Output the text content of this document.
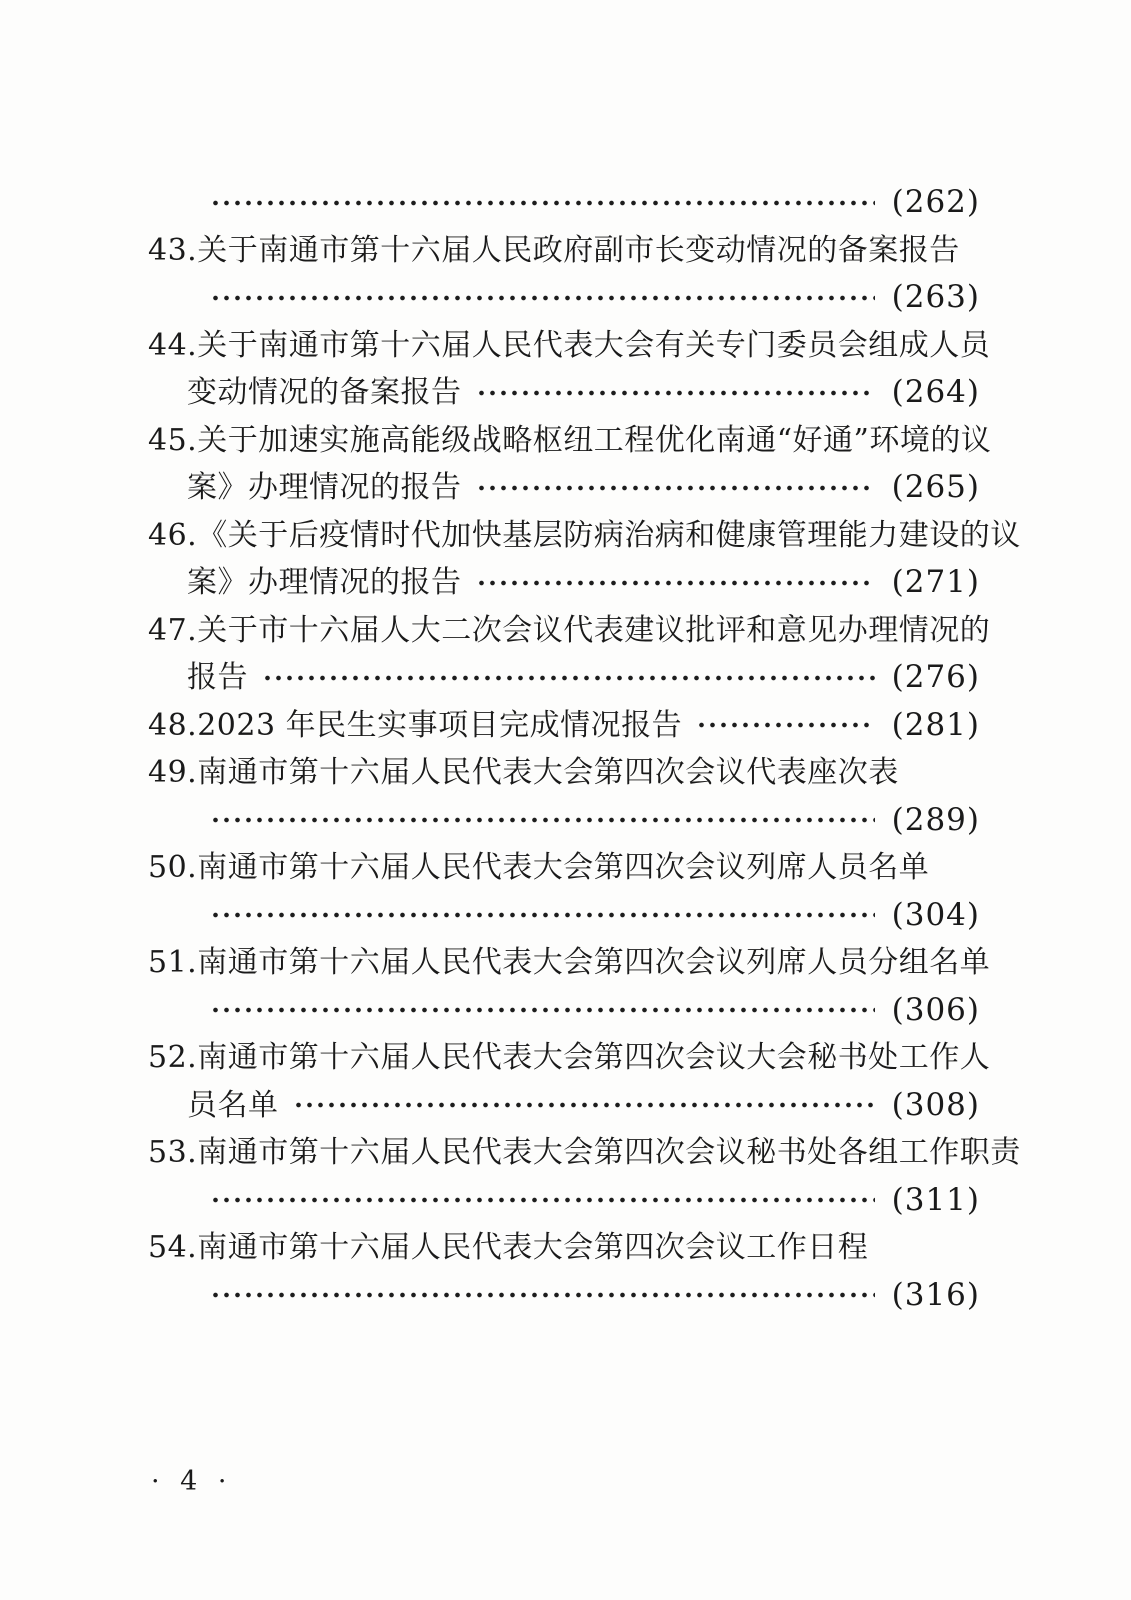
(262)
43.关于南通市第十六届人民政府副市长变动情况的备案报告
(263)
44.关于南通市第十六届人民代表大会有关专门委员会组成人员
变动情况的备案报告	(264)
45.关于加速实施高能级战略枢纽工程优化南通“好通”环境的议
案》办理情况的报告	(265)
46.《关于后疫情时代加快基层防病治病和健康管理能力建设的议
案》办理情况的报告	(271)
47.关于市十六届人大二次会议代表建议批评和意见办理情况的
报告	(276)
48.2023 年民生实事项目完成情况报告	(281)
49.南通市第十六届人民代表大会第四次会议代表座次表
(289)
50.南通市第十六届人民代表大会第四次会议列席人员名单
(304)
51.南通市第十六届人民代表大会第四次会议列席人员分组名单
(306)
52.南通市第十六届人民代表大会第四次会议大会秘书处工作人
员名单	(308)
53.南通市第十六届人民代表大会第四次会议秘书处各组工作职责
(311)
54.南通市第十六届人民代表大会第四次会议工作日程
(316)
· 4 ·
